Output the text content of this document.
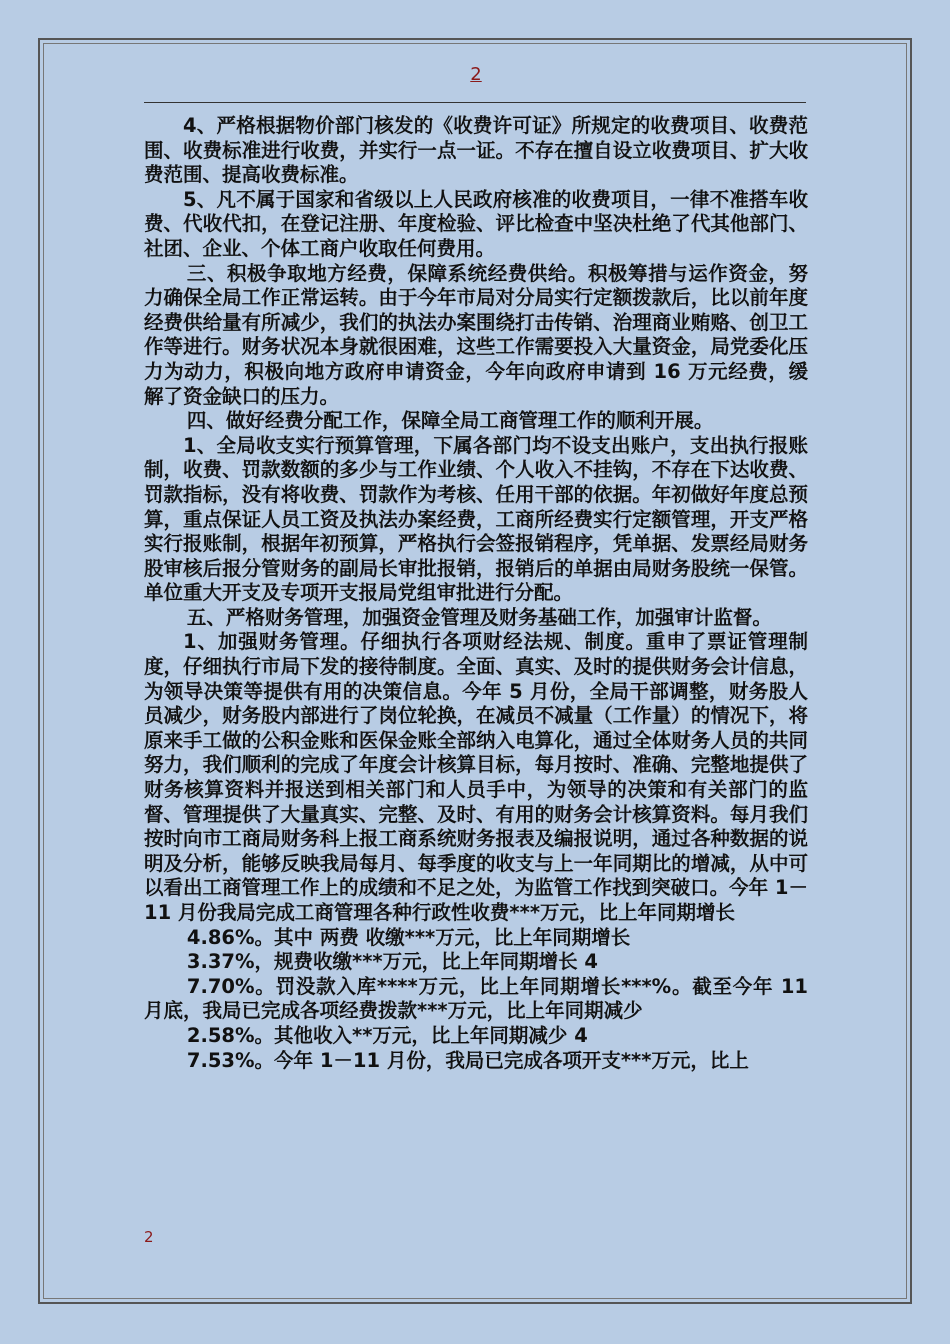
2

4、严格根据物价部门核发的《收费许可证》所规定的收费项目、收费范围、收费标准进行收费，并实行一点一证。不存在擅自设立收费项目、扩大收费范围、提高收费标准。

5、凡不属于国家和省级以上人民政府核准的收费项目，一律不准搭车收费、代收代扣，在登记注册、年度检验、评比检查中坚决杜绝了代其他部门、社团、企业、个体工商户收取任何费用。

三、积极争取地方经费，保障系统经费供给。积极筹措与运作资金，努力确保全局工作正常运转。由于今年市局对分局实行定额拨款后，比以前年度经费供给量有所减少，我们的执法办案围绕打击传销、治理商业贿赂、创卫工作等进行。财务状况本身就很困难，这些工作需要投入大量资金，局党委化压力为动力，积极向地方政府申请资金，今年向政府申请到 16 万元经费，缓解了资金缺口的压力。

四、做好经费分配工作，保障全局工商管理工作的顺利开展。

1、全局收支实行预算管理，下属各部门均不设支出账户，支出执行报账制，收费、罚款数额的多少与工作业绩、个人收入不挂钩，不存在下达收费、罚款指标，没有将收费、罚款作为考核、任用干部的依据。年初做好年度总预算，重点保证人员工资及执法办案经费，工商所经费实行定额管理，开支严格实行报账制，根据年初预算，严格执行会签报销程序，凭单据、发票经局财务股审核后报分管财务的副局长审批报销，报销后的单据由局财务股统一保管。单位重大开支及专项开支报局党组审批进行分配。

五、严格财务管理，加强资金管理及财务基础工作，加强审计监督。

1、加强财务管理。仔细执行各项财经法规、制度。重申了票证管理制度，仔细执行市局下发的接待制度。全面、真实、及时的提供财务会计信息，为领导决策等提供有用的决策信息。今年 5 月份，全局干部调整，财务股人员减少，财务股内部进行了岗位轮换，在减员不减量（工作量）的情况下，将原来手工做的公积金账和医保金账全部纳入电算化，通过全体财务人员的共同努力，我们顺利的完成了年度会计核算目标，每月按时、准确、完整地提供了财务核算资料并报送到相关部门和人员手中，为领导的决策和有关部门的监督、管理提供了大量真实、完整、及时、有用的财务会计核算资料。每月我们按时向市工商局财务科上报工商系统财务报表及编报说明，通过各种数据的说明及分析，能够反映我局每月、每季度的收支与上一年同期比的增减，从中可以看出工商管理工作上的成绩和不足之处，为监管工作找到突破口。今年 1－11 月份我局完成工商管理各种行政性收费***万元，比上年同期增长

4.86%。其中 两费 收缴***万元，比上年同期增长

3.37%，规费收缴***万元，比上年同期增长 4

7.70%。罚没款入库****万元，比上年同期增长***%。截至今年 11 月底，我局已完成各项经费拨款***万元，比上年同期减少

2.58%。其他收入**万元，比上年同期减少 4

7.53%。今年 1－11 月份，我局已完成各项开支***万元，比上

2
